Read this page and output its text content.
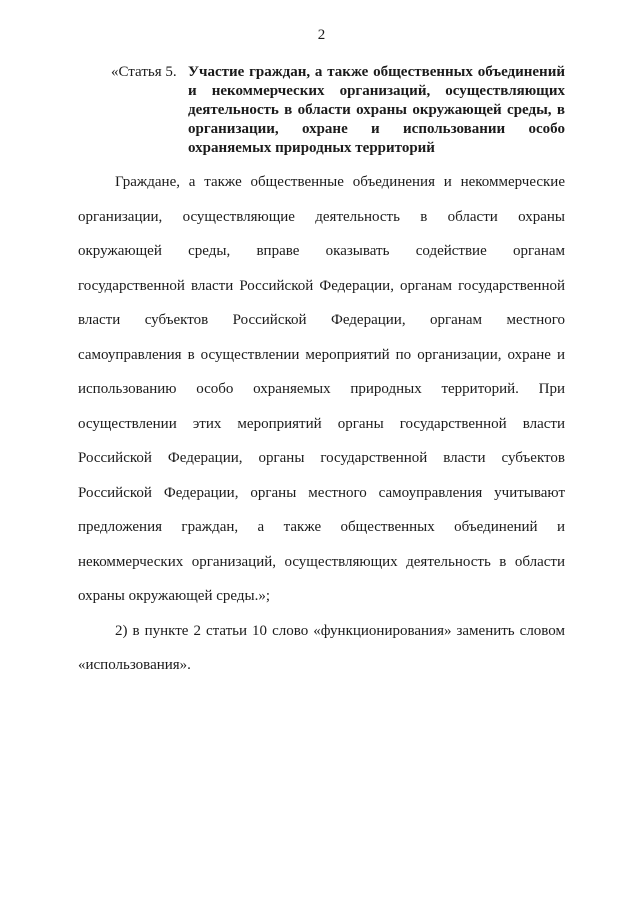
2
«Статья 5. Участие граждан, а также общественных объединений
и некоммерческих организаций, осуществляющих
деятельность в области охраны окружающей среды, в
организации, охране и использовании особо
охраняемых природных территорий
Граждане, а также общественные объединения и некоммерческие
организации, осуществляющие деятельность в области охраны
окружающей среды, вправе оказывать содействие органам
государственной власти Российской Федерации, органам государственной
власти субъектов Российской Федерации, органам местного
самоуправления в осуществлении мероприятий по организации, охране и
использованию особо охраняемых природных территорий. При
осуществлении этих мероприятий органы государственной власти
Российской Федерации, органы государственной власти субъектов
Российской Федерации, органы местного самоуправления учитывают
предложения граждан, а также общественных объединений и
некоммерческих организаций, осуществляющих деятельность в области
охраны окружающей среды.»;
2) в пункте 2 статьи 10 слово «функционирования» заменить словом
«использования».
